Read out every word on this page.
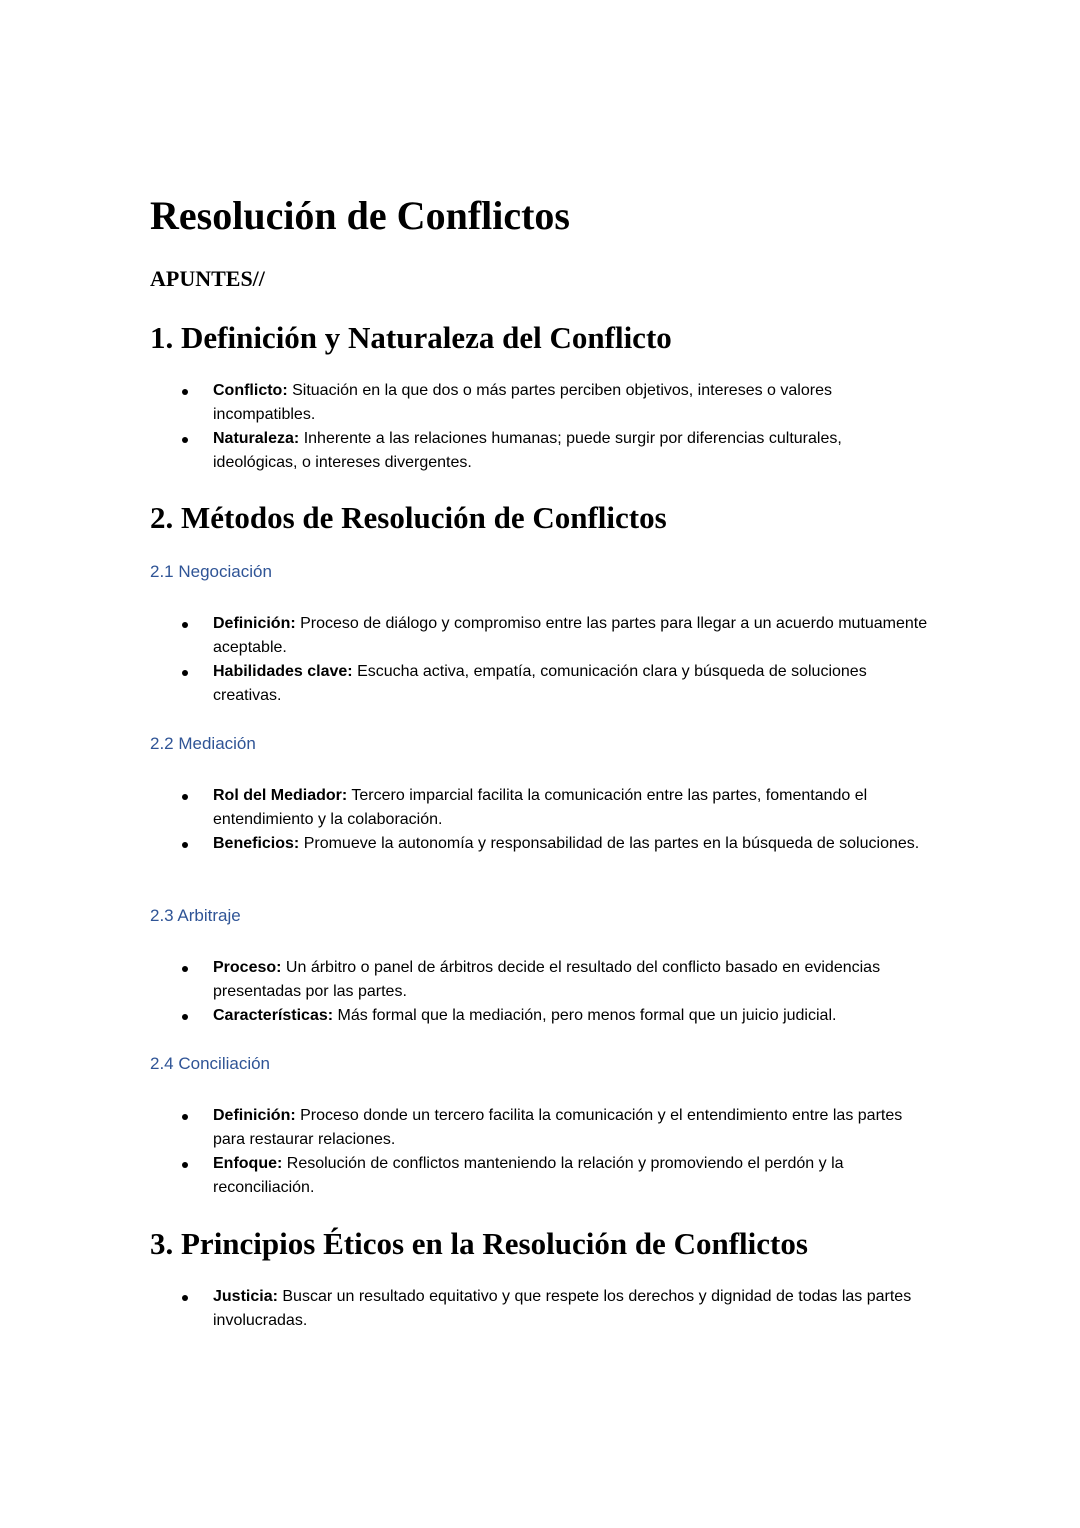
Resolución de Conflictos
APUNTES//
1. Definición y Naturaleza del Conflicto
Conflicto: Situación en la que dos o más partes perciben objetivos, intereses o valores incompatibles.
Naturaleza: Inherente a las relaciones humanas; puede surgir por diferencias culturales, ideológicas, o intereses divergentes.
2. Métodos de Resolución de Conflictos
2.1 Negociación
Definición: Proceso de diálogo y compromiso entre las partes para llegar a un acuerdo mutuamente aceptable.
Habilidades clave: Escucha activa, empatía, comunicación clara y búsqueda de soluciones creativas.
2.2 Mediación
Rol del Mediador: Tercero imparcial facilita la comunicación entre las partes, fomentando el entendimiento y la colaboración.
Beneficios: Promueve la autonomía y responsabilidad de las partes en la búsqueda de soluciones.
2.3 Arbitraje
Proceso: Un árbitro o panel de árbitros decide el resultado del conflicto basado en evidencias presentadas por las partes.
Características: Más formal que la mediación, pero menos formal que un juicio judicial.
2.4 Conciliación
Definición: Proceso donde un tercero facilita la comunicación y el entendimiento entre las partes para restaurar relaciones.
Enfoque: Resolución de conflictos manteniendo la relación y promoviendo el perdón y la reconciliación.
3. Principios Éticos en la Resolución de Conflictos
Justicia: Buscar un resultado equitativo y que respete los derechos y dignidad de todas las partes involucradas.
